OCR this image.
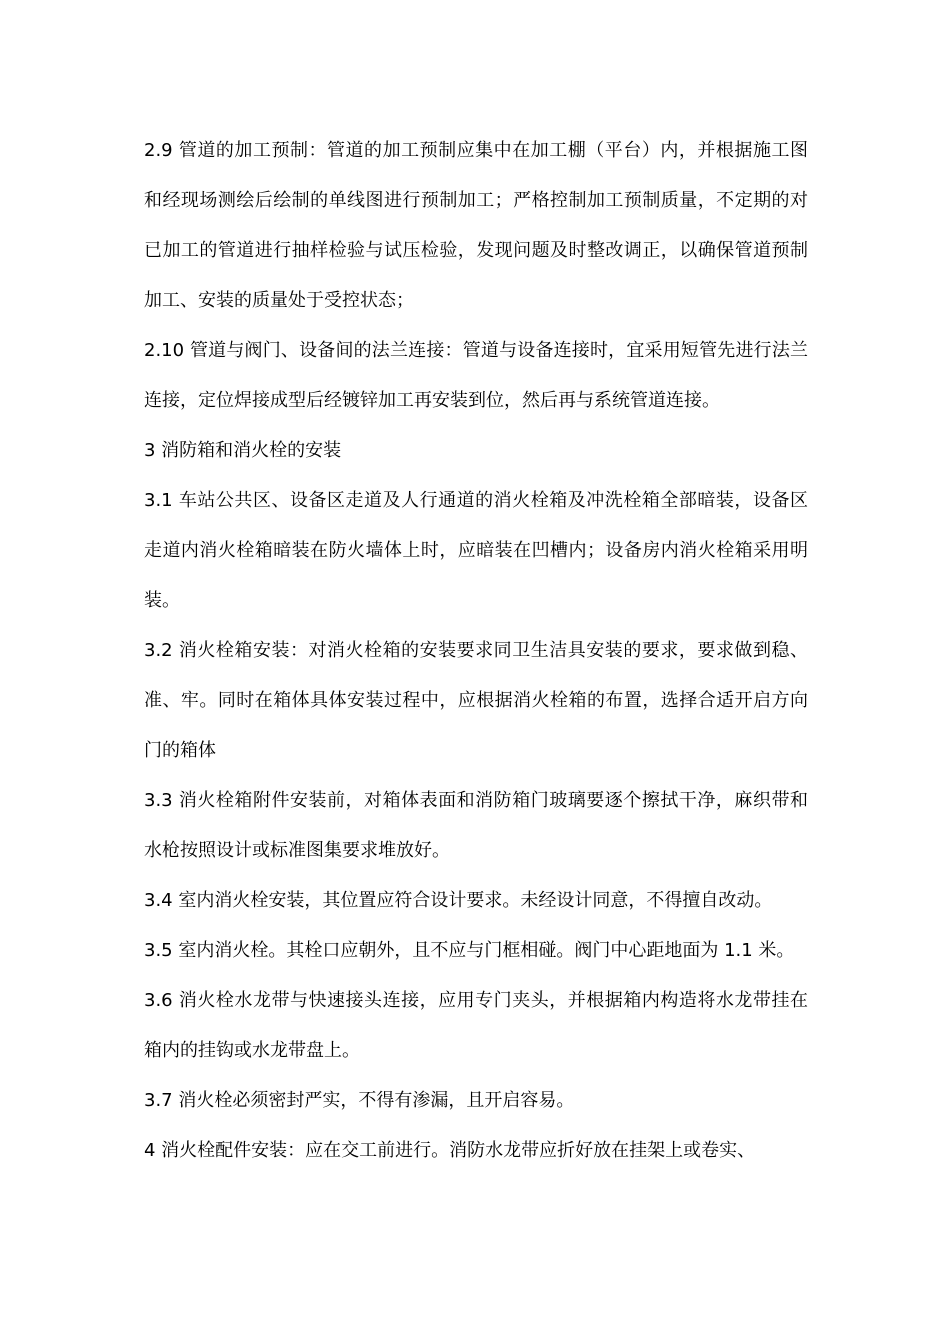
2.9 管道的加工预制：管道的加工预制应集中在加工棚（平台）内，并根据施工图和经现场测绘后绘制的单线图进行预制加工；严格控制加工预制质量，不定期的对已加工的管道进行抽样检验与试压检验，发现问题及时整改调正，以确保管道预制加工、安装的质量处于受控状态；

2.10 管道与阀门、设备间的法兰连接：管道与设备连接时，宜采用短管先进行法兰连接，定位焊接成型后经镀锌加工再安装到位，然后再与系统管道连接。

3 消防箱和消火栓的安装

3.1 车站公共区、设备区走道及人行通道的消火栓箱及冲洗栓箱全部暗装，设备区走道内消火栓箱暗装在防火墙体上时，应暗装在凹槽内；设备房内消火栓箱采用明装。

3.2 消火栓箱安装：对消火栓箱的安装要求同卫生洁具安装的要求，要求做到稳、准、牢。同时在箱体具体安装过程中，应根据消火栓箱的布置，选择合适开启方向门的箱体

3.3 消火栓箱附件安装前，对箱体表面和消防箱门玻璃要逐个擦拭干净，麻织带和水枪按照设计或标准图集要求堆放好。

3.4 室内消火栓安装，其位置应符合设计要求。未经设计同意，不得擅自改动。

3.5 室内消火栓。其栓口应朝外，且不应与门框相碰。阀门中心距地面为 1.1 米。

3.6 消火栓水龙带与快速接头连接，应用专门夹头，并根据箱内构造将水龙带挂在箱内的挂钩或水龙带盘上。

3.7 消火栓必须密封严实，不得有渗漏，且开启容易。

4 消火栓配件安装：应在交工前进行。消防水龙带应折好放在挂架上或卷实、
